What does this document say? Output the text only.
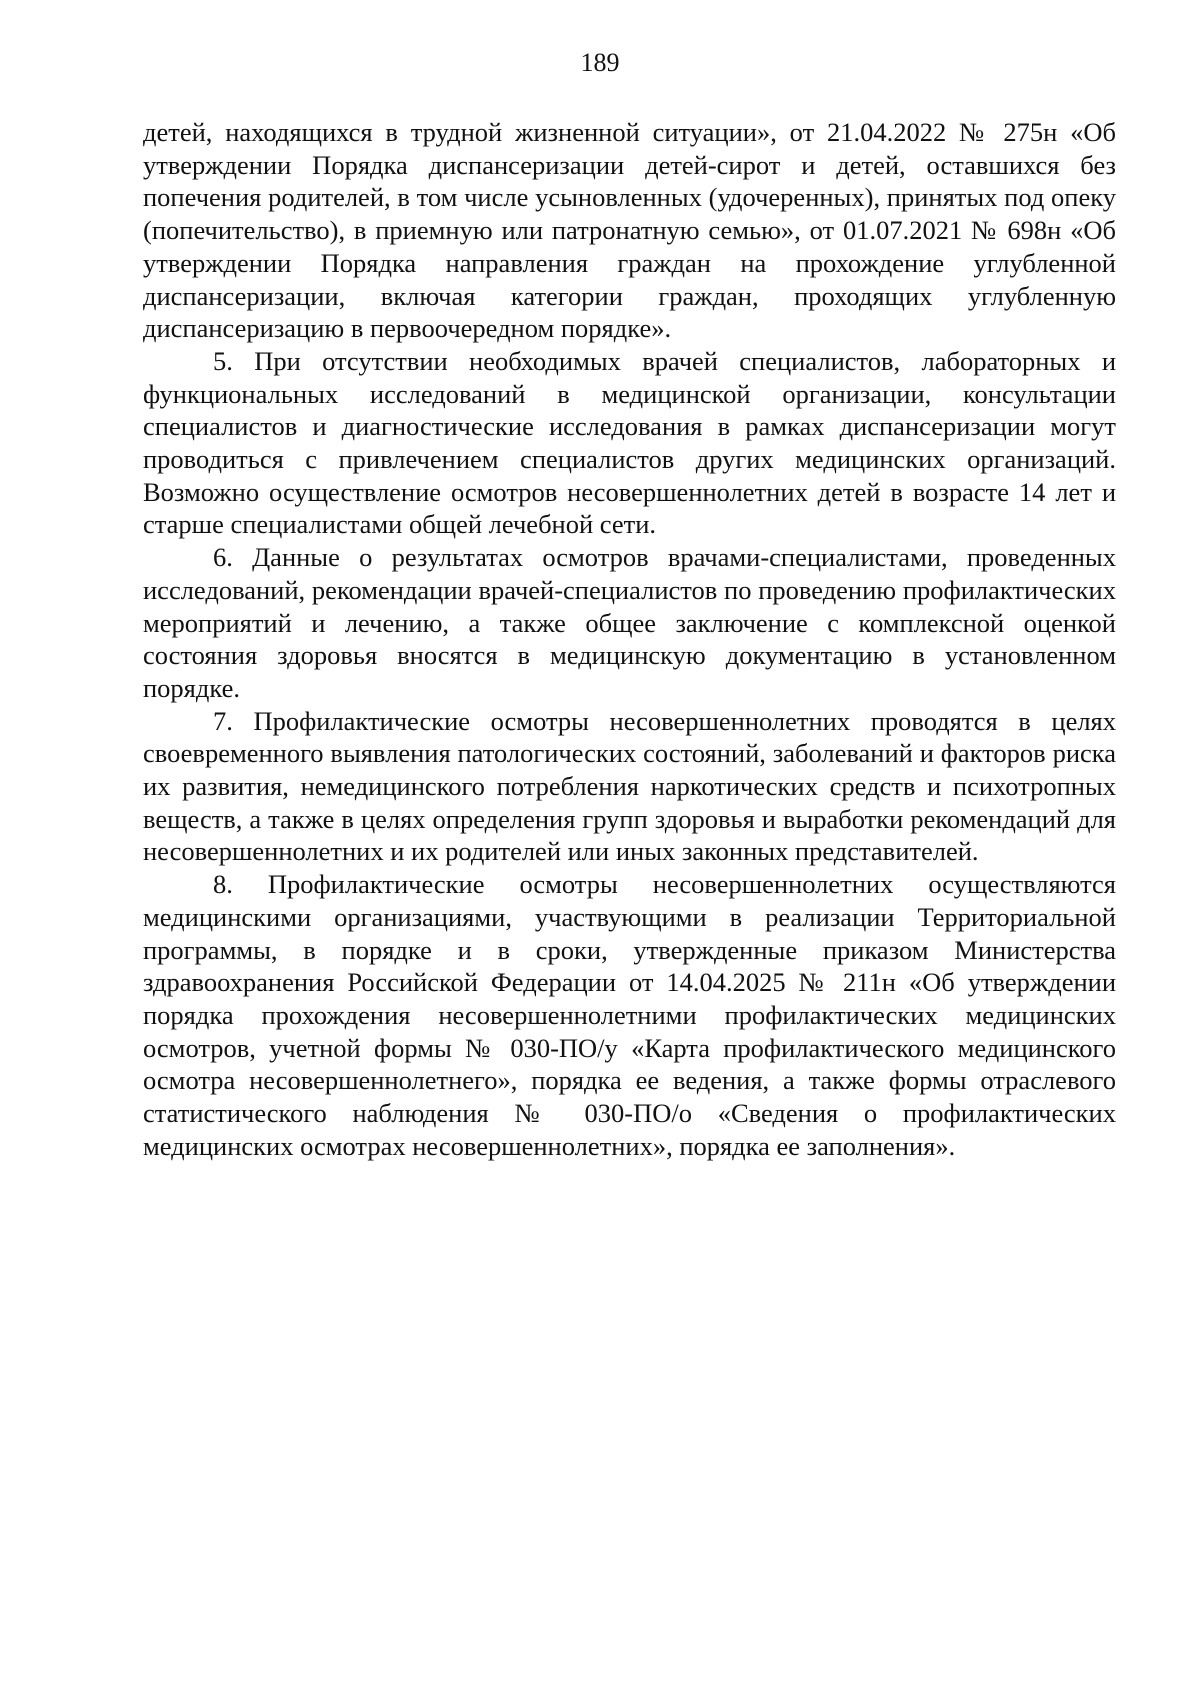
189

детей, находящихся в трудной жизненной ситуации», от 21.04.2022 № 275н «Об утверждении Порядка диспансеризации детей-сирот и детей, оставшихся без попечения родителей, в том числе усыновленных (удочеренных), принятых под опеку (попечительство), в приемную или патронатную семью», от 01.07.2021 № 698н «Об утверждении Порядка направления граждан на прохождение углубленной диспансеризации, включая категории граждан, проходящих углубленную диспансеризацию в первоочередном порядке».

5. При отсутствии необходимых врачей специалистов, лабораторных и функциональных исследований в медицинской организации, консультации специалистов и диагностические исследования в рамках диспансеризации могут проводиться с привлечением специалистов других медицинских организаций. Возможно осуществление осмотров несовершеннолетних детей в возрасте 14 лет и старше специалистами общей лечебной сети.

6. Данные о результатах осмотров врачами-специалистами, проведенных исследований, рекомендации врачей-специалистов по проведению профилактических мероприятий и лечению, а также общее заключение с комплексной оценкой состояния здоровья вносятся в медицинскую документацию в установленном порядке.

7. Профилактические осмотры несовершеннолетних проводятся в целях своевременного выявления патологических состояний, заболеваний и факторов риска их развития, немедицинского потребления наркотических средств и психотропных веществ, а также в целях определения групп здоровья и выработки рекомендаций для несовершеннолетних и их родителей или иных законных представителей.

8. Профилактические осмотры несовершеннолетних осуществляются медицинскими организациями, участвующими в реализации Территориальной программы, в порядке и в сроки, утвержденные приказом Министерства здравоохранения Российской Федерации от 14.04.2025 № 211н «Об утверждении порядка прохождения несовершеннолетними профилактических медицинских осмотров, учетной формы № 030-ПО/у «Карта профилактического медицинского осмотра несовершеннолетнего», порядка ее ведения, а также формы отраслевого статистического наблюдения № 030-ПО/о «Сведения о профилактических медицинских осмотрах несовершеннолетних», порядка ее заполнения».
